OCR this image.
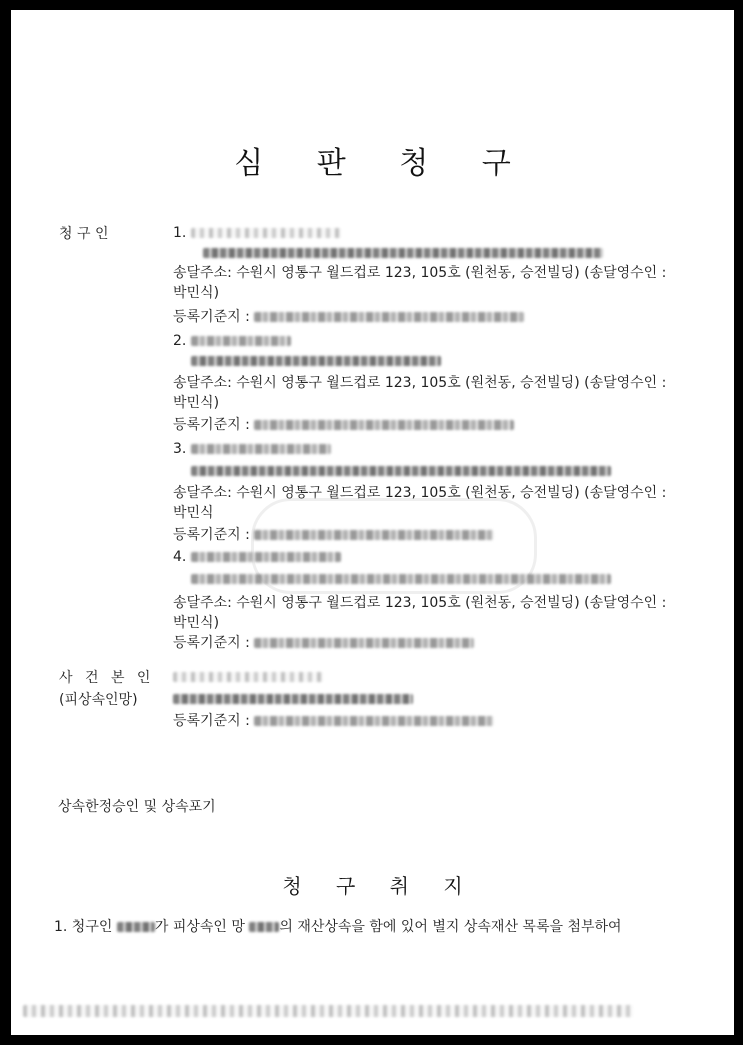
심 판 청 구
청 구 인	1.
송달주소: 수원시 영통구 월드컵로 123, 105호 (원천동, 승전빌딩) (송달영수인 :
박민식)
등록기준지 :
2.
송달주소: 수원시 영통구 월드컵로 123, 105호 (원천동, 승전빌딩) (송달영수인 :
박민식)
등록기준지 :
3.
송달주소: 수원시 영통구 월드컵로 123, 105호 (원천동, 승전빌딩) (송달영수인 :
박민식
등록기준지 :
4.
송달주소: 수원시 영통구 월드컵로 123, 105호 (원천동, 승전빌딩) (송달영수인 :
박민식)
등록기준지 :
사 건 본 인
(피상속인망)
등록기준지 :
상속한정승인 및 상속포기
청 구 취 지
1. 청구인	가 피상속인 망 의 재산상속을 함에 있어 별지 상속재산 목록을 첨부하여
